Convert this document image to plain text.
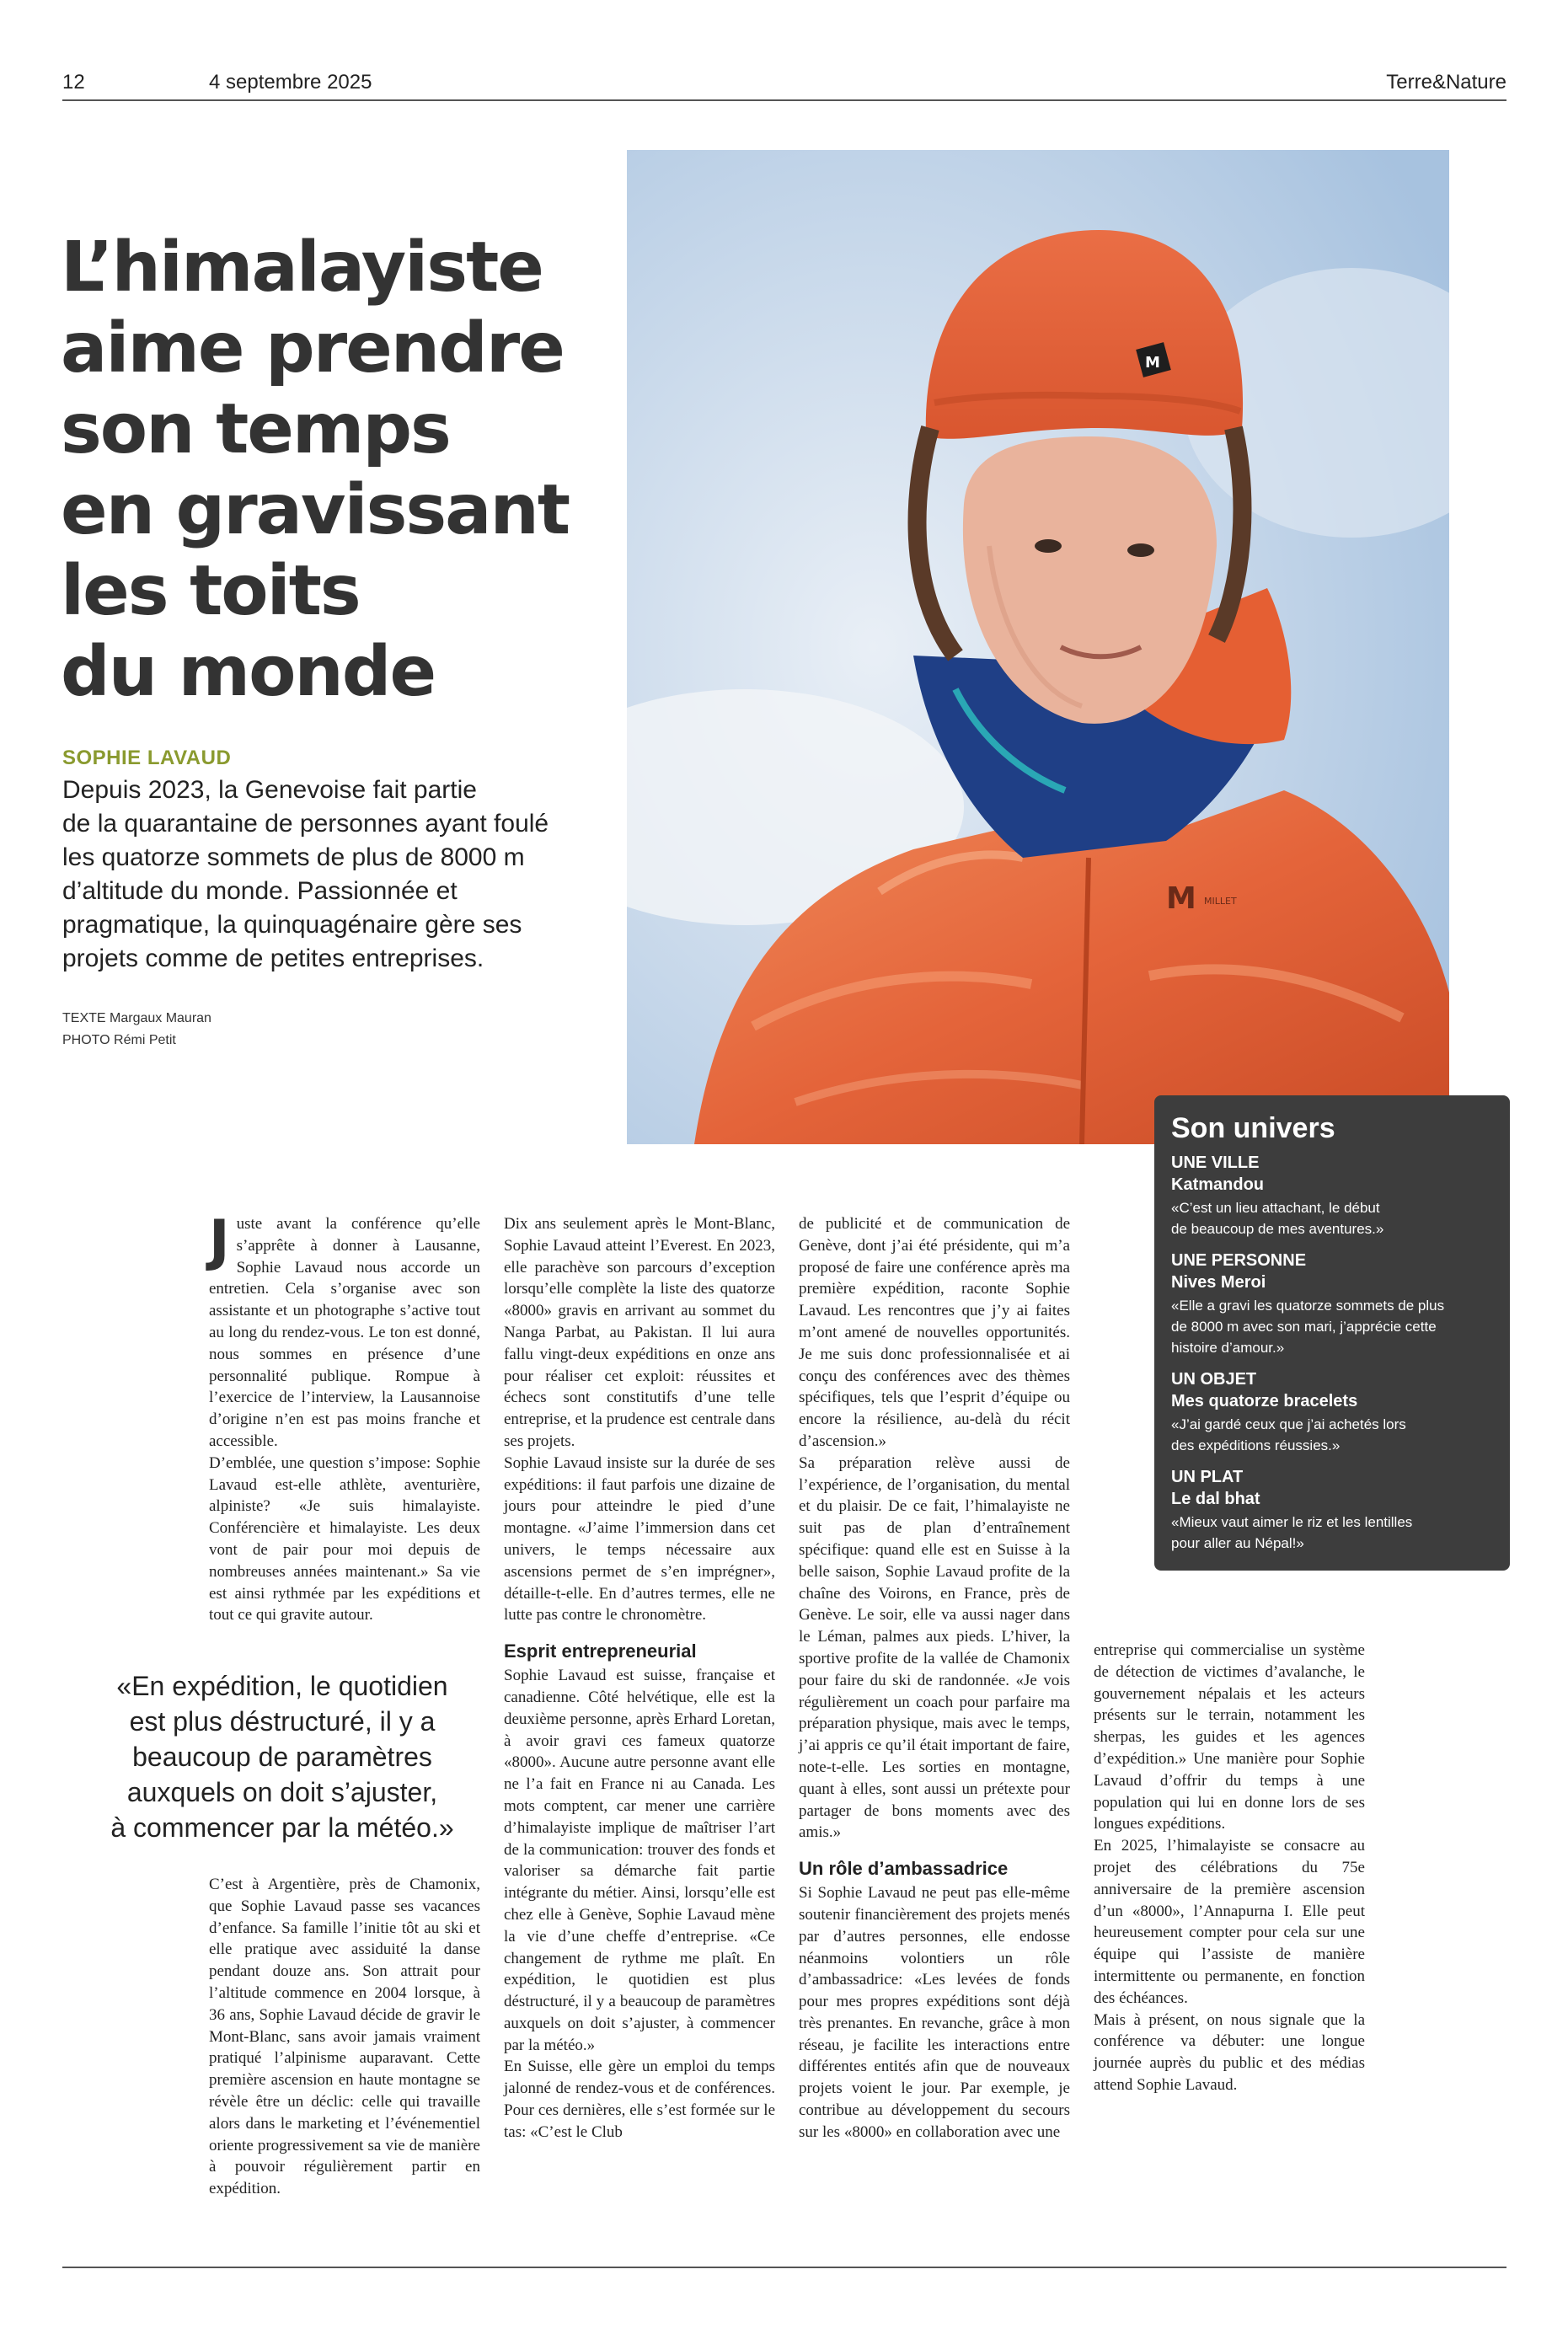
12	4 septembre 2025	Terre&Nature
L’himalayiste
aime prendre
son temps
en gravissant
les toits
du monde
SOPHIE LAVAUD
Depuis 2023, la Genevoise fait partie
de la quarantaine de personnes ayant foulé
les quatorze sommets de plus de 8000 m
d’altitude du monde. Passionnée et
pragmatique, la quinquagénaire gère ses
projets comme de petites entreprises.
TEXTE Margaux Mauran
PHOTO Rémi Petit
M
M MILLET
Son univers
UNE VILLE
Katmandou
«C’est un lieu attachant, le début
de beaucoup de mes aventures.»
UNE PERSONNE
Nives Meroi
«Elle a gravi les quatorze sommets de plus
de 8000 m avec son mari, j’apprécie cette
histoire d’amour.»
UN OBJET
Mes quatorze bracelets
«J’ai gardé ceux que j’ai achetés lors
des expéditions réussies.»
UN PLAT
Le dal bhat
«Mieux vaut aimer le riz et les lentilles
pour aller au Népal!»
J uste avant la conférence qu’elle s’apprête à donner à Lausanne, Sophie Lavaud nous accorde un entretien. Cela s’organise avec son assistante et un photographe s’active tout au long du rendez-vous. Le ton est donné, nous sommes en présence d’une personnalité publique. Rompue à l’exercice de l’interview, la Lausannoise d’origine n’en est pas moins franche et accessible.

D’emblée, une question s’impose: Sophie Lavaud est-elle athlète, aventurière, alpiniste? «Je suis himalayiste. Conférencière et himalayiste. Les deux vont de pair pour moi depuis de nombreuses années maintenant.» Sa vie est ainsi rythmée par les expéditions et tout ce qui gravite autour.

«En expédition, le quotidien
est plus déstructuré, il y a
beaucoup de paramètres
auxquels on doit s’ajuster,
à commencer par la météo.»

C’est à Argentière, près de Chamonix, que Sophie Lavaud passe ses vacances d’enfance. Sa famille l’initie tôt au ski et elle pratique avec assiduité la danse pendant douze ans. Son attrait pour l’altitude commence en 2004 lorsque, à 36 ans, Sophie Lavaud décide de gravir le Mont-Blanc, sans avoir jamais vraiment pratiqué l’alpinisme auparavant. Cette première ascension en haute montagne se révèle être un déclic: celle qui travaille alors dans le marketing et l’événementiel oriente progressivement sa vie de manière à pouvoir régulièrement partir en expédition.

Dix ans seulement après le Mont-Blanc, Sophie Lavaud atteint l’Everest. En 2023, elle parachève son parcours d’exception lorsqu’elle complète la liste des quatorze «8000» gravis en arrivant au sommet du Nanga Parbat, au Pakistan. Il lui aura fallu vingt-deux expéditions en onze ans pour réaliser cet exploit: réussites et échecs sont constitutifs d’une telle entreprise, et la prudence est centrale dans ses projets.

Sophie Lavaud insiste sur la durée de ses expéditions: il faut parfois une dizaine de jours pour atteindre le pied d’une montagne. «J’aime l’immersion dans cet univers, le temps nécessaire aux ascensions permet de s’en imprégner», détaille-t-elle. En d’autres termes, elle ne lutte pas contre le chronomètre.

Esprit entrepreneurial

Sophie Lavaud est suisse, française et canadienne. Côté helvétique, elle est la deuxième personne, après Erhard Loretan, à avoir gravi ces fameux quatorze «8000». Aucune autre personne avant elle ne l’a fait en France ni au Canada. Les mots comptent, car mener une carrière d’himalayiste implique de maîtriser l’art de la communication: trouver des fonds et valoriser sa démarche fait partie intégrante du métier. Ainsi, lorsqu’elle est chez elle à Genève, Sophie Lavaud mène la vie d’une cheffe d’entreprise. «Ce changement de rythme me plaît. En expédition, le quotidien est plus déstructuré, il y a beaucoup de paramètres auxquels on doit s’ajuster, à commencer par la météo.»

En Suisse, elle gère un emploi du temps jalonné de rendez-vous et de conférences. Pour ces dernières, elle s’est formée sur le tas: «C’est le Club

de publicité et de communication de Genève, dont j’ai été présidente, qui m’a proposé de faire une conférence après ma première expédition, raconte Sophie Lavaud. Les rencontres que j’y ai faites m’ont amené de nouvelles opportunités. Je me suis donc professionnalisée et ai conçu des conférences avec des thèmes spécifiques, tels que l’esprit d’équipe ou encore la résilience, au-delà du récit d’ascension.»

Sa préparation relève aussi de l’expérience, de l’organisation, du mental et du plaisir. De ce fait, l’himalayiste ne suit pas de plan d’entraînement spécifique: quand elle est en Suisse à la belle saison, Sophie Lavaud profite de la chaîne des Voirons, en France, près de Genève. Le soir, elle va aussi nager dans le Léman, palmes aux pieds. L’hiver, la sportive profite de la vallée de Chamonix pour faire du ski de randonnée. «Je vois régulièrement un coach pour parfaire ma préparation physique, mais avec le temps, j’ai appris ce qu’il était important de faire, note-t-elle. Les sorties en montagne, quant à elles, sont aussi un prétexte pour partager de bons moments avec des amis.»

Un rôle d’ambassadrice

Si Sophie Lavaud ne peut pas elle-même soutenir financièrement des projets menés par d’autres personnes, elle endosse néanmoins volontiers un rôle d’ambassadrice: «Les levées de fonds pour mes propres expéditions sont déjà très prenantes. En revanche, grâce à mon réseau, je facilite les interactions entre différentes entités afin que de nouveaux projets voient le jour. Par exemple, je contribue au développement du secours sur les «8000» en collaboration avec une

entreprise qui commercialise un système de détection de victimes d’avalanche, le gouvernement népalais et les acteurs présents sur le terrain, notamment les sherpas, les guides et les agences d’expédition.» Une manière pour Sophie Lavaud d’offrir du temps à une population qui lui en donne lors de ses longues expéditions.

En 2025, l’himalayiste se consacre au projet des célébrations du 75e anniversaire de la première ascension d’un «8000», l’Annapurna I. Elle peut heureusement compter pour cela sur une équipe qui l’assiste de manière intermittente ou permanente, en fonction des échéances.

Mais à présent, on nous signale que la conférence va débuter: une longue journée auprès du public et des médias attend Sophie Lavaud.
